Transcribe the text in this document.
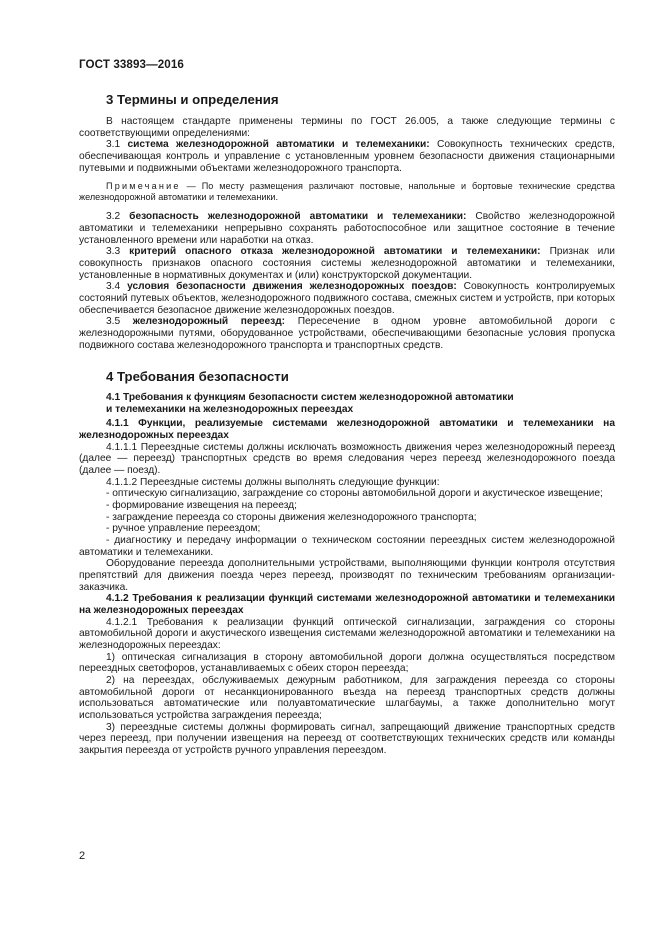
ГОСТ 33893—2016

3 Термины и определения

В настоящем стандарте применены термины по ГОСТ 26.005, а также следующие термины с соответствующими определениями:

3.1 система железнодорожной автоматики и телемеханики: Совокупность технических средств, обеспечивающая контроль и управление с установленным уровнем безопасности движения стационарными путевыми и подвижными объектами железнодорожного транспорта.

Примечание — По месту размещения различают постовые, напольные и бортовые технические средства железнодорожной автоматики и телемеханики.

3.2 безопасность железнодорожной автоматики и телемеханики: Свойство железнодорожной автоматики и телемеханики непрерывно сохранять работоспособное или защитное состояние в течение установленного времени или наработки на отказ.

3.3 критерий опасного отказа железнодорожной автоматики и телемеханики: Признак или совокупность признаков опасного состояния системы железнодорожной автоматики и телемеханики, установленные в нормативных документах и (или) конструкторской документации.

3.4 условия безопасности движения железнодорожных поездов: Совокупность контролируемых состояний путевых объектов, железнодорожного подвижного состава, смежных систем и устройств, при которых обеспечивается безопасное движение железнодорожных поездов.

3.5 железнодорожный переезд: Пересечение в одном уровне автомобильной дороги с железнодорожными путями, оборудованное устройствами, обеспечивающими безопасные условия пропуска подвижного состава железнодорожного транспорта и транспортных средств.

4 Требования безопасности

4.1 Требования к функциям безопасности систем железнодорожной автоматики

и телемеханики на железнодорожных переездах

4.1.1 Функции, реализуемые системами железнодорожной автоматики и телемеханики на железнодорожных переездах

4.1.1.1 Переездные системы должны исключать возможность движения через железнодорожный переезд (далее — переезд) транспортных средств во время следования через переезд железнодорожного поезда (далее — поезд).

4.1.1.2 Переездные системы должны выполнять следующие функции:

- оптическую сигнализацию, заграждение со стороны автомобильной дороги и акустическое извещение;

- формирование извещения на переезд;

- заграждение переезда со стороны движения железнодорожного транспорта;

- ручное управление переездом;

- диагностику и передачу информации о техническом состоянии переездных систем железнодорожной автоматики и телемеханики.

Оборудование переезда дополнительными устройствами, выполняющими функции контроля отсутствия препятствий для движения поезда через переезд, производят по техническим требованиям организации-заказчика.

4.1.2 Требования к реализации функций системами железнодорожной автоматики и телемеханики на железнодорожных переездах

4.1.2.1 Требования к реализации функций оптической сигнализации, заграждения со стороны автомобильной дороги и акустического извещения системами железнодорожной автоматики и телемеханики на железнодорожных переездах:

1) оптическая сигнализация в сторону автомобильной дороги должна осуществляться посредством переездных светофоров, устанавливаемых с обеих сторон переезда;

2) на переездах, обслуживаемых дежурным работником, для заграждения переезда со стороны автомобильной дороги от несанкционированного въезда на переезд транспортных средств должны использоваться автоматические или полуавтоматические шлагбаумы, а также дополнительно могут использоваться устройства заграждения переезда;

3) переездные системы должны формировать сигнал, запрещающий движение транспортных средств через переезд, при получении извещения на переезд от соответствующих технических средств или команды закрытия переезда от устройств ручного управления переездом.

2
